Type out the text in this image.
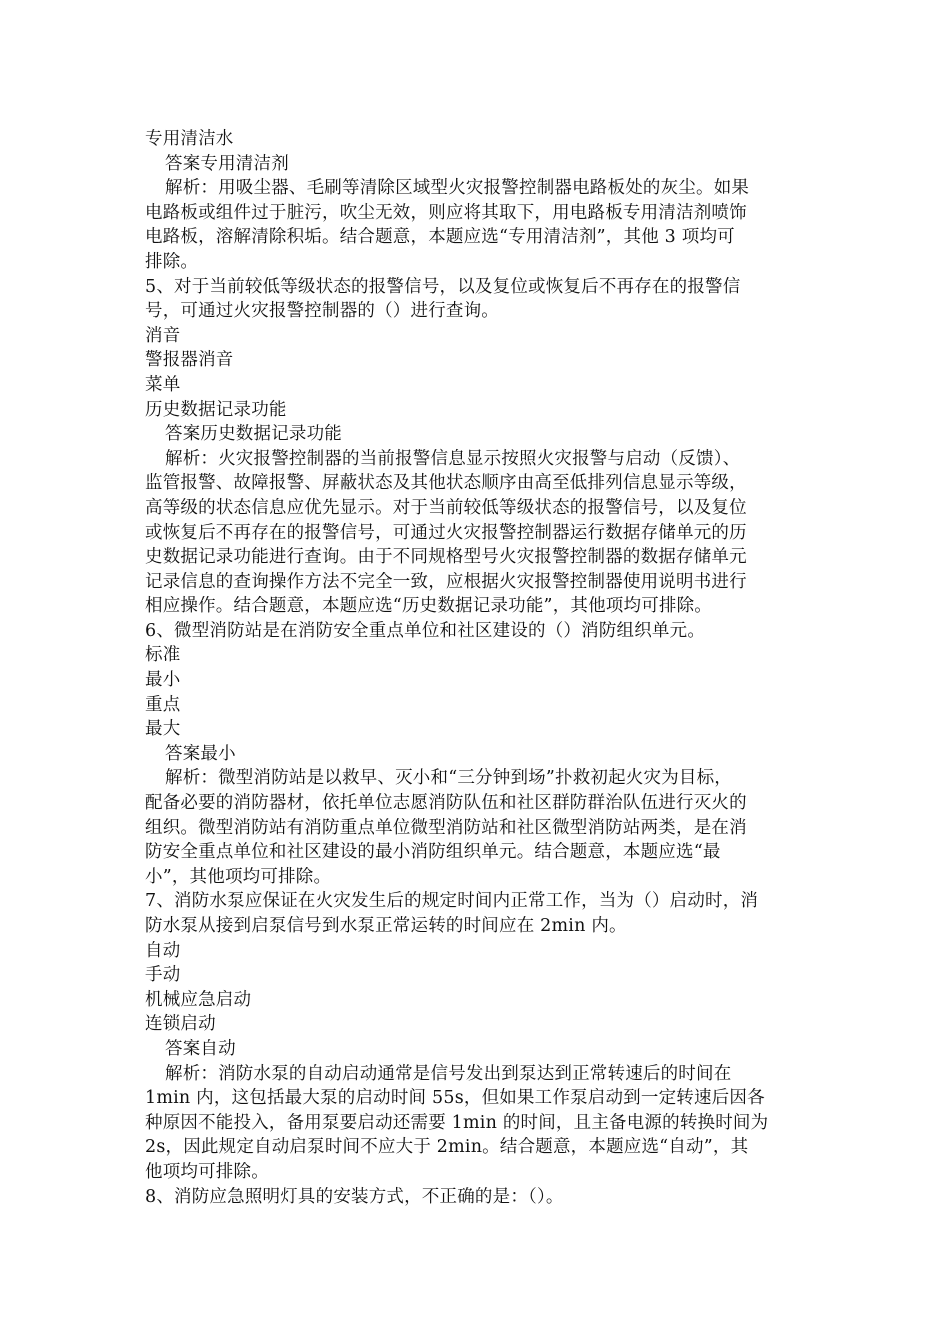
专用清洁水
答案专用清洁剂
解析：用吸尘器、毛刷等清除区域型火灾报警控制器电路板处的灰尘。如果
电路板或组件过于脏污，吹尘无效，则应将其取下，用电路板专用清洁剂喷饰
电路板，溶解清除积垢。结合题意，本题应选“专用清洁剂”，其他 3 项均可
排除。
5、对于当前较低等级状态的报警信号，以及复位或恢复后不再存在的报警信
号，可通过火灾报警控制器的（）进行查询。
消音
警报器消音
菜单
历史数据记录功能
答案历史数据记录功能
解析：火灾报警控制器的当前报警信息显示按照火灾报警与启动（反馈）、
监管报警、故障报警、屏蔽状态及其他状态顺序由高至低排列信息显示等级，
高等级的状态信息应优先显示。对于当前较低等级状态的报警信号，以及复位
或恢复后不再存在的报警信号，可通过火灾报警控制器运行数据存储单元的历
史数据记录功能进行查询。由于不同规格型号火灾报警控制器的数据存储单元
记录信息的查询操作方法不完全一致，应根据火灾报警控制器使用说明书进行
相应操作。结合题意，本题应选“历史数据记录功能”，其他项均可排除。
6、微型消防站是在消防安全重点单位和社区建设的（）消防组织单元。
标准
最小
重点
最大
答案最小
解析：微型消防站是以救早、灭小和“三分钟到场”扑救初起火灾为目标，
配备必要的消防器材，依托单位志愿消防队伍和社区群防群治队伍进行灭火的
组织。微型消防站有消防重点单位微型消防站和社区微型消防站两类，是在消
防安全重点单位和社区建设的最小消防组织单元。结合题意，本题应选“最
小”，其他项均可排除。
7、消防水泵应保证在火灾发生后的规定时间内正常工作，当为（）启动时，消
防水泵从接到启泵信号到水泵正常运转的时间应在 2min 内。
自动
手动
机械应急启动
连锁启动
答案自动
解析：消防水泵的自动启动通常是信号发出到泵达到正常转速后的时间在
1min 内，这包括最大泵的启动时间 55s，但如果工作泵启动到一定转速后因各
种原因不能投入，备用泵要启动还需要 1min 的时间，且主备电源的转换时间为
2s，因此规定自动启泵时间不应大于 2min。结合题意，本题应选“自动”，其
他项均可排除。
8、消防应急照明灯具的安装方式，不正确的是：（）。
